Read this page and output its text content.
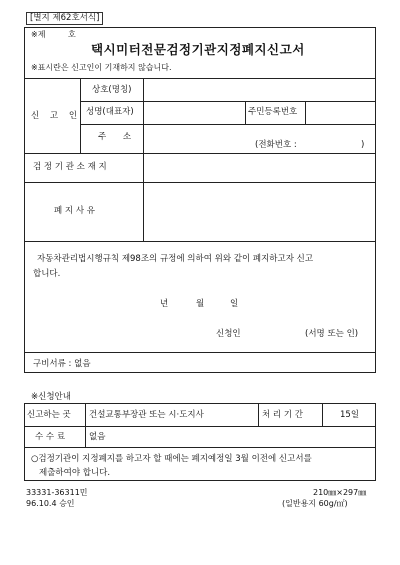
[별지 제62호서식]
※제	호
택시미터전문검정기관지정폐지신고서
※표시란은 신고인이 기재하지 않습니다.
신 고 인
상호(명칭)
성명(대표자)	주민등록번호
주 소
(전화번호 :	)
검 정 기 관 소 재 지
폐 지 사 유
자동차관리법시행규칙 제98조의 규정에 의하여 위와 같이 폐지하고자 신고
합니다.
년	월	일
신청인	(서명 또는 인)
구비서류 : 없음
※신청안내
신고하는 곳 건설교통부장관 또는 시·도지사	처 리 기 간	15일
수 수 료	없음
○검정기관이 지정폐지를 하고자 할 때에는 폐지예정일 3월 이전에 신고서를
제출하여야 합니다.
33331-36311민
96.10.4 승인
210㎜×297㎜
(일반용지 60g/㎡)
